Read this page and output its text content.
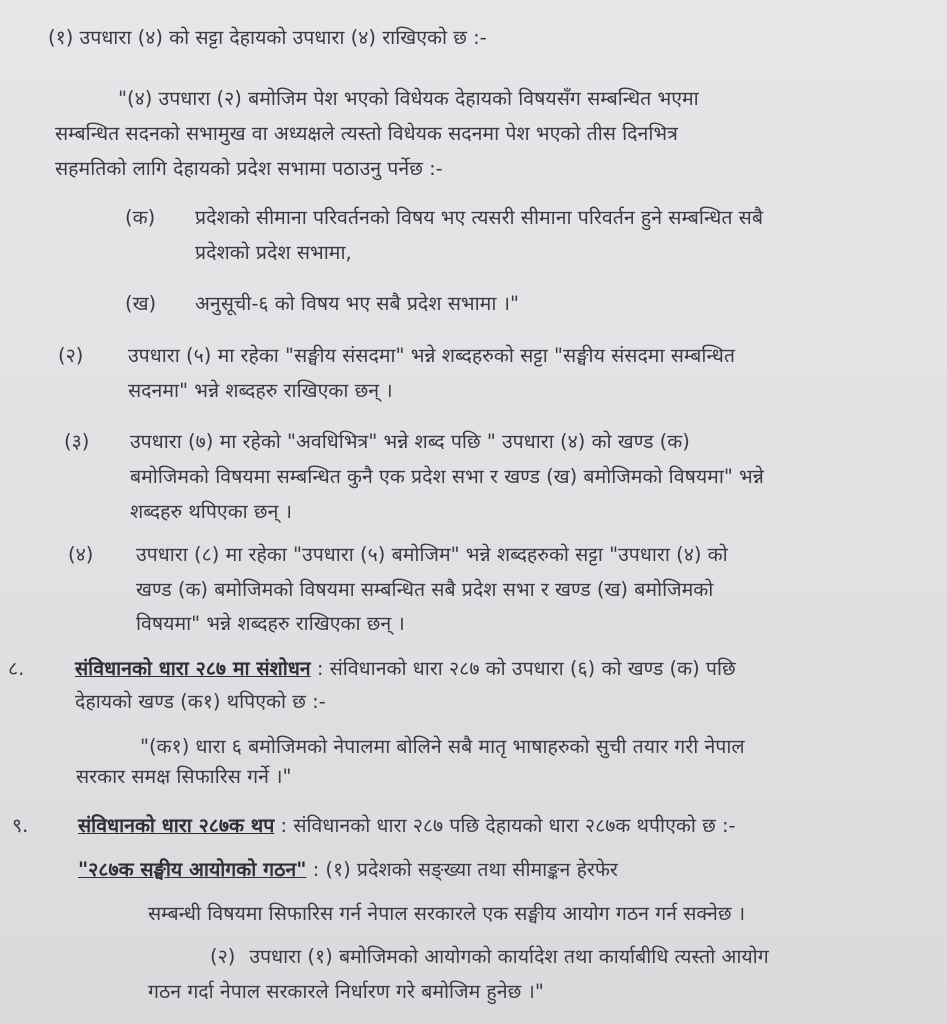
(१) उपधारा (४) को सट्टा देहायको उपधारा (४) राखिएको छ :-
"(४) उपधारा (२) बमोजिम पेश भएको विधेयक देहायको विषयसँग सम्बन्धित भएमा
सम्बन्धित सदनको सभामुख वा अध्यक्षले त्यस्तो विधेयक सदनमा पेश भएको तीस दिनभित्र
सहमतिको लागि देहायको प्रदेश सभामा पठाउनु पर्नेछ :-
(क) प्रदेशको सीमाना परिवर्तनको विषय भए त्यसरी सीमाना परिवर्तन हुने सम्बन्धित सबै
प्रदेशको प्रदेश सभामा,
(ख) अनुसूची-६ को विषय भए सबै प्रदेश सभामा ।"
(२) उपधारा (५) मा रहेका "सङ्घीय संसदमा" भन्ने शब्दहरुको सट्टा "सङ्घीय संसदमा सम्बन्धित
सदनमा" भन्ने शब्दहरु राखिएका छन् ।
(३) उपधारा (७) मा रहेको "अवधिभित्र" भन्ने शब्द पछि " उपधारा (४) को खण्ड (क)
बमोजिमको विषयमा सम्बन्धित कुनै एक प्रदेश सभा र खण्ड (ख) बमोजिमको विषयमा" भन्ने
शब्दहरु थपिएका छन् ।
(४) उपधारा (८) मा रहेका "उपधारा (५) बमोजिम" भन्ने शब्दहरुको सट्टा "उपधारा (४) को
खण्ड (क) बमोजिमको विषयमा सम्बन्धित सबै प्रदेश सभा र खण्ड (ख) बमोजिमको
विषयमा" भन्ने शब्दहरु राखिएका छन् ।
८.	संविधानको धारा २८७ मा संशोधन : संविधानको धारा २८७ को उपधारा (६) को खण्ड (क) पछि
देहायको खण्ड (क१) थपिएको छ :-
"(क१) धारा ६ बमोजिमको नेपालमा बोलिने सबै मातृ भाषाहरुको सुची तयार गरी नेपाल
सरकार समक्ष सिफारिस गर्ने ।"
९.	संविधानको धारा २८७क थप : संविधानको धारा २८७ पछि देहायको धारा २८७क थपीएको छ :-
"२८७क सङ्घीय आयोगको गठन" : (१) प्रदेशको सङ्ख्या तथा सीमाङ्कन हेरफेर
सम्बन्धी विषयमा सिफारिस गर्न नेपाल सरकारले एक सङ्घीय आयोग गठन गर्न सक्नेछ ।
(२) उपधारा (१) बमोजिमको आयोगको कार्यादेश तथा कार्याबीधि त्यस्तो आयोग
गठन गर्दा नेपाल सरकारले निर्धारण गरे बमोजिम हुनेछ ।"
